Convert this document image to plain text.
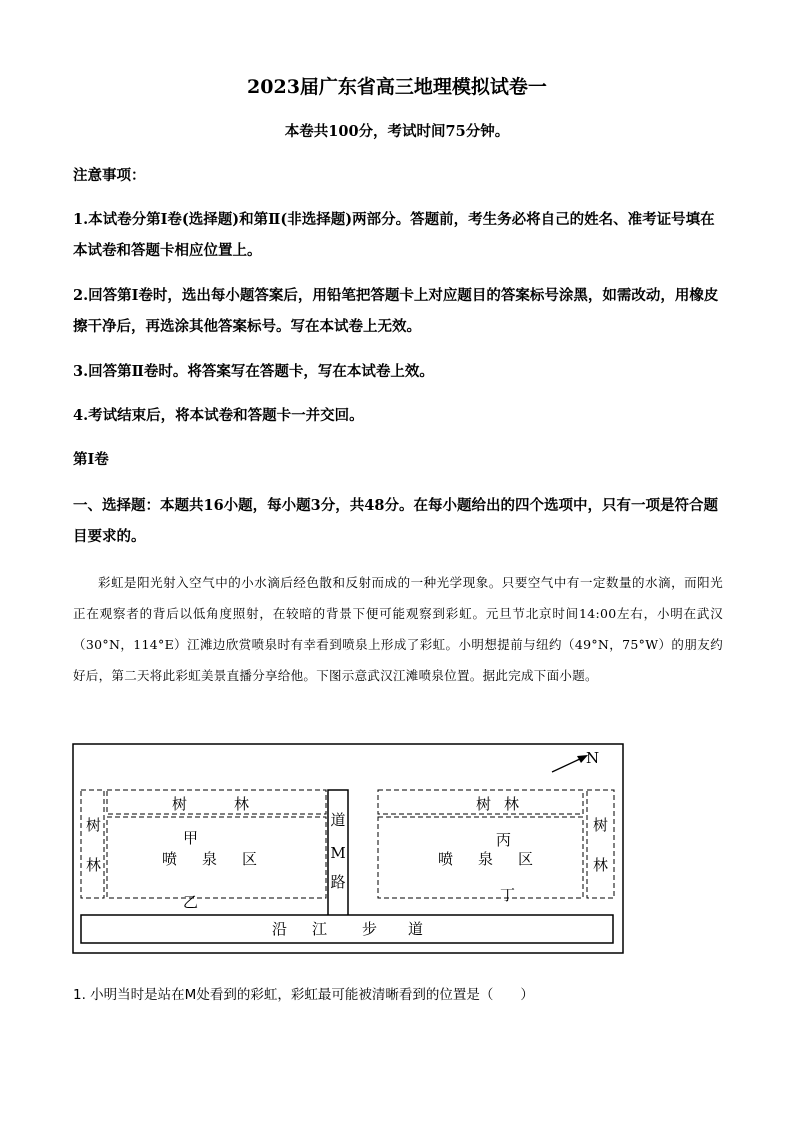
2023届广东省高三地理模拟试卷一
本卷共100分，考试时间75分钟。
注意事项：
1.本试卷分第Ⅰ卷(选择题)和第Ⅱ(非选择题)两部分。答题前，考生务必将自己的姓名、准考证号填在本试卷和答题卡相应位置上。
2.回答第Ⅰ卷时，选出每小题答案后，用铅笔把答题卡上对应题目的答案标号涂黑，如需改动，用橡皮擦干净后，再选涂其他答案标号。写在本试卷上无效。
3.回答第Ⅱ卷时。将答案写在答题卡，写在本试卷上效。
4.考试结束后，将本试卷和答题卡一并交回。
第Ⅰ卷
一、选择题：本题共16小题，每小题3分，共48分。在每小题给出的四个选项中，只有一项是符合题目要求的。
彩虹是阳光射入空气中的小水滴后经色散和反射而成的一种光学现象。只要空气中有一定数量的水滴，而阳光正在观察者的背后以低角度照射，在较暗的背景下便可能观察到彩虹。元旦节北京时间14:00左右，小明在武汉（30°N，114°E）江滩边欣赏喷泉时有幸看到喷泉上形成了彩虹。小明想提前与纽约（49°N，75°W）的朋友约好后，第二天将此彩虹美景直播分享给他。下图示意武汉江滩喷泉位置。据此完成下面小题。
N
树	林	树 林
树
林
树
林
甲	丙
喷 泉 区	喷 泉 区
道
M
路
乙	丁
沿 江 步 道
1. 小明当时是站在M处看到的彩虹，彩虹最可能被清晰看到的位置是（　　）
